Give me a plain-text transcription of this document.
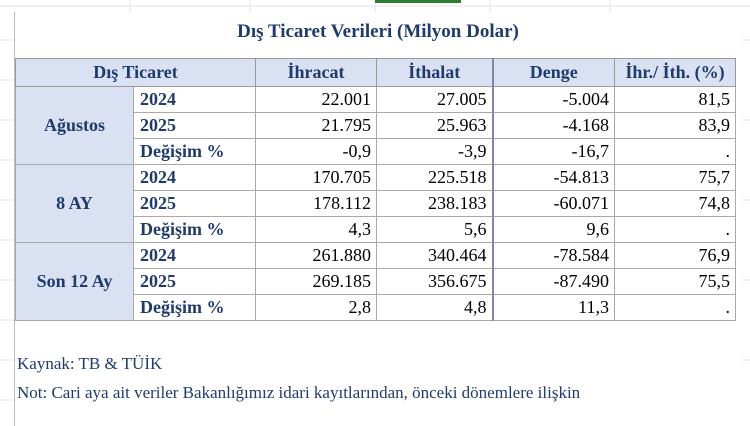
Dış Ticaret Verileri (Milyon Dolar)
Dış Ticaret		İhracat	İthalat	Denge	İhr./ İth. (%)
Ağustos	2024	22.001	27.005	-5.004	81,5
	2025	21.795	25.963	-4.168	83,9
	Değişim %	-0,9	-3,9	-16,7	.
8 AY	2024	170.705	225.518	-54.813	75,7
	2025	178.112	238.183	-60.071	74,8
	Değişim %	4,3	5,6	9,6	.
Son 12 Ay	2024	261.880	340.464	-78.584	76,9
	2025	269.185	356.675	-87.490	75,5
	Değişim %	2,8	4,8	11,3	.
Kaynak: TB & TÜİK
Not: Cari aya ait veriler Bakanlığımız idari kayıtlarından, önceki dönemlere ilişkin
